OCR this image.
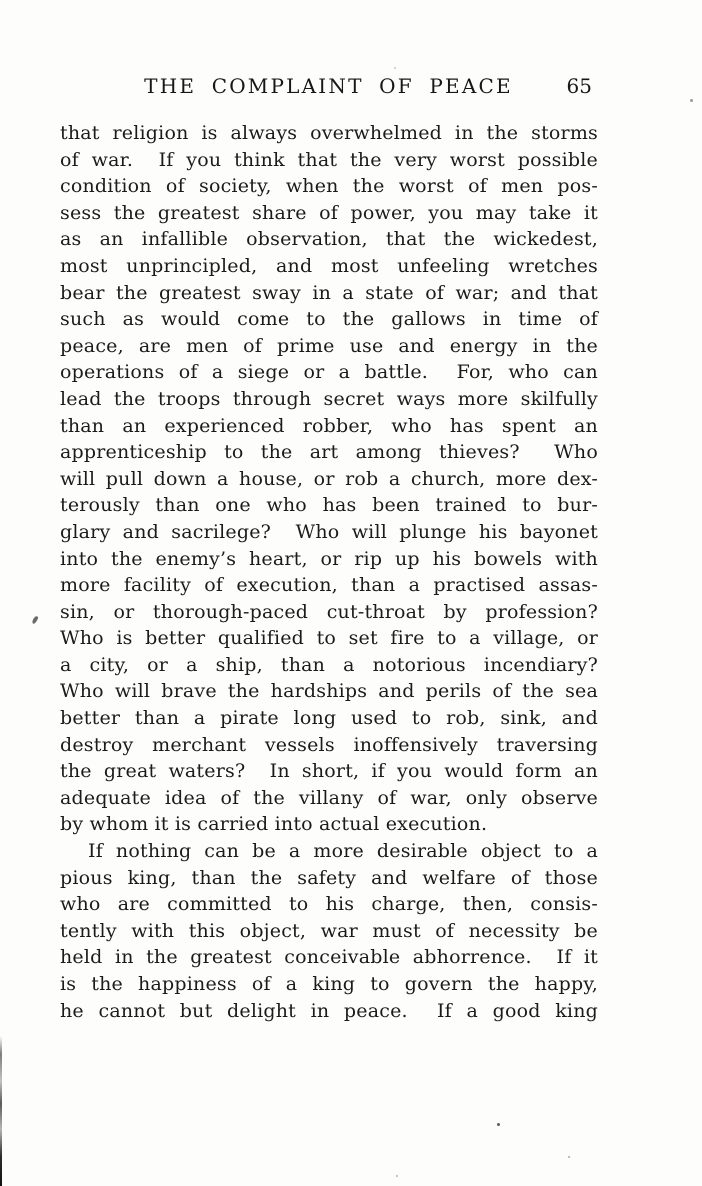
THE COMPLAINT OF PEACE	65
that religion is always overwhelmed in the storms
of war.  If you think that the very worst possible
condition of society, when the worst of men pos-
sess the greatest share of power, you may take it
as an infallible observation, that the wickedest,
most unprincipled, and most unfeeling wretches
bear the greatest sway in a state of war; and that
such as would come to the gallows in time of
peace, are men of prime use and energy in the
operations of a siege or a battle.  For, who can
lead the troops through secret ways more skilfully
than an experienced robber, who has spent an
apprenticeship to the art among thieves?  Who
will pull down a house, or rob a church, more dex-
terously than one who has been trained to bur-
glary and sacrilege?  Who will plunge his bayonet
into the enemy’s heart, or rip up his bowels with
more facility of execution, than a practised assas-
sin, or thorough-paced cut-throat by profession?
Who is better qualified to set fire to a village, or
a city, or a ship, than a notorious incendiary?
Who will brave the hardships and perils of the sea
better than a pirate long used to rob, sink, and
destroy merchant vessels inoffensively traversing
the great waters?  In short, if you would form an
adequate idea of the villany of war, only observe
by whom it is carried into actual execution.
If nothing can be a more desirable object to a
pious king, than the safety and welfare of those
who are committed to his charge, then, consis-
tently with this object, war must of necessity be
held in the greatest conceivable abhorrence.  If it
is the happiness of a king to govern the happy,
he cannot but delight in peace.  If a good king
